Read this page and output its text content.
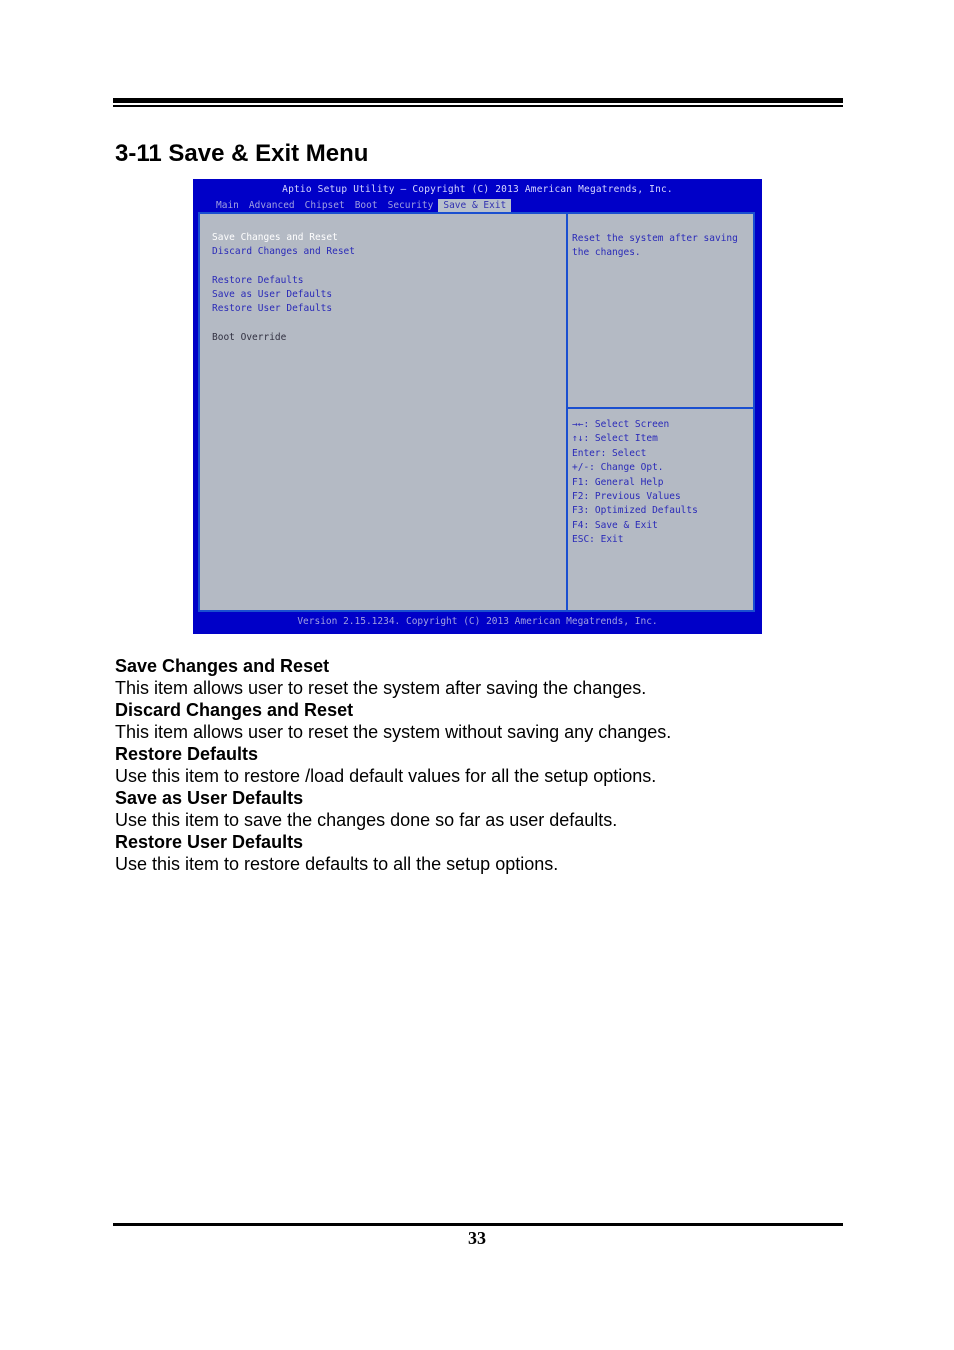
3-11 Save & Exit Menu
Aptio Setup Utility – Copyright (C) 2013 American Megatrends, Inc.
Main	Advanced	Chipset	Boot	Security	Save & Exit
Save Changes and Reset
Discard Changes and Reset
Restore Defaults
Save as User Defaults
Restore User Defaults
Boot Override
Reset the system after saving the changes.
→←: Select Screen
↑↓: Select Item
Enter: Select
+/-: Change Opt.
F1: General Help
F2: Previous Values
F3: Optimized Defaults
F4: Save & Exit
ESC: Exit
Version 2.15.1234. Copyright (C) 2013 American Megatrends, Inc.

Save Changes and Reset

This item allows user to reset the system after saving the changes.

Discard Changes and Reset

This item allows user to reset the system without saving any changes.

Restore Defaults

Use this item to restore /load default values for all the setup options.

Save as User Defaults

Use this item to save the changes done so far as user defaults.

Restore User Defaults

Use this item to restore defaults to all the setup options.

33
